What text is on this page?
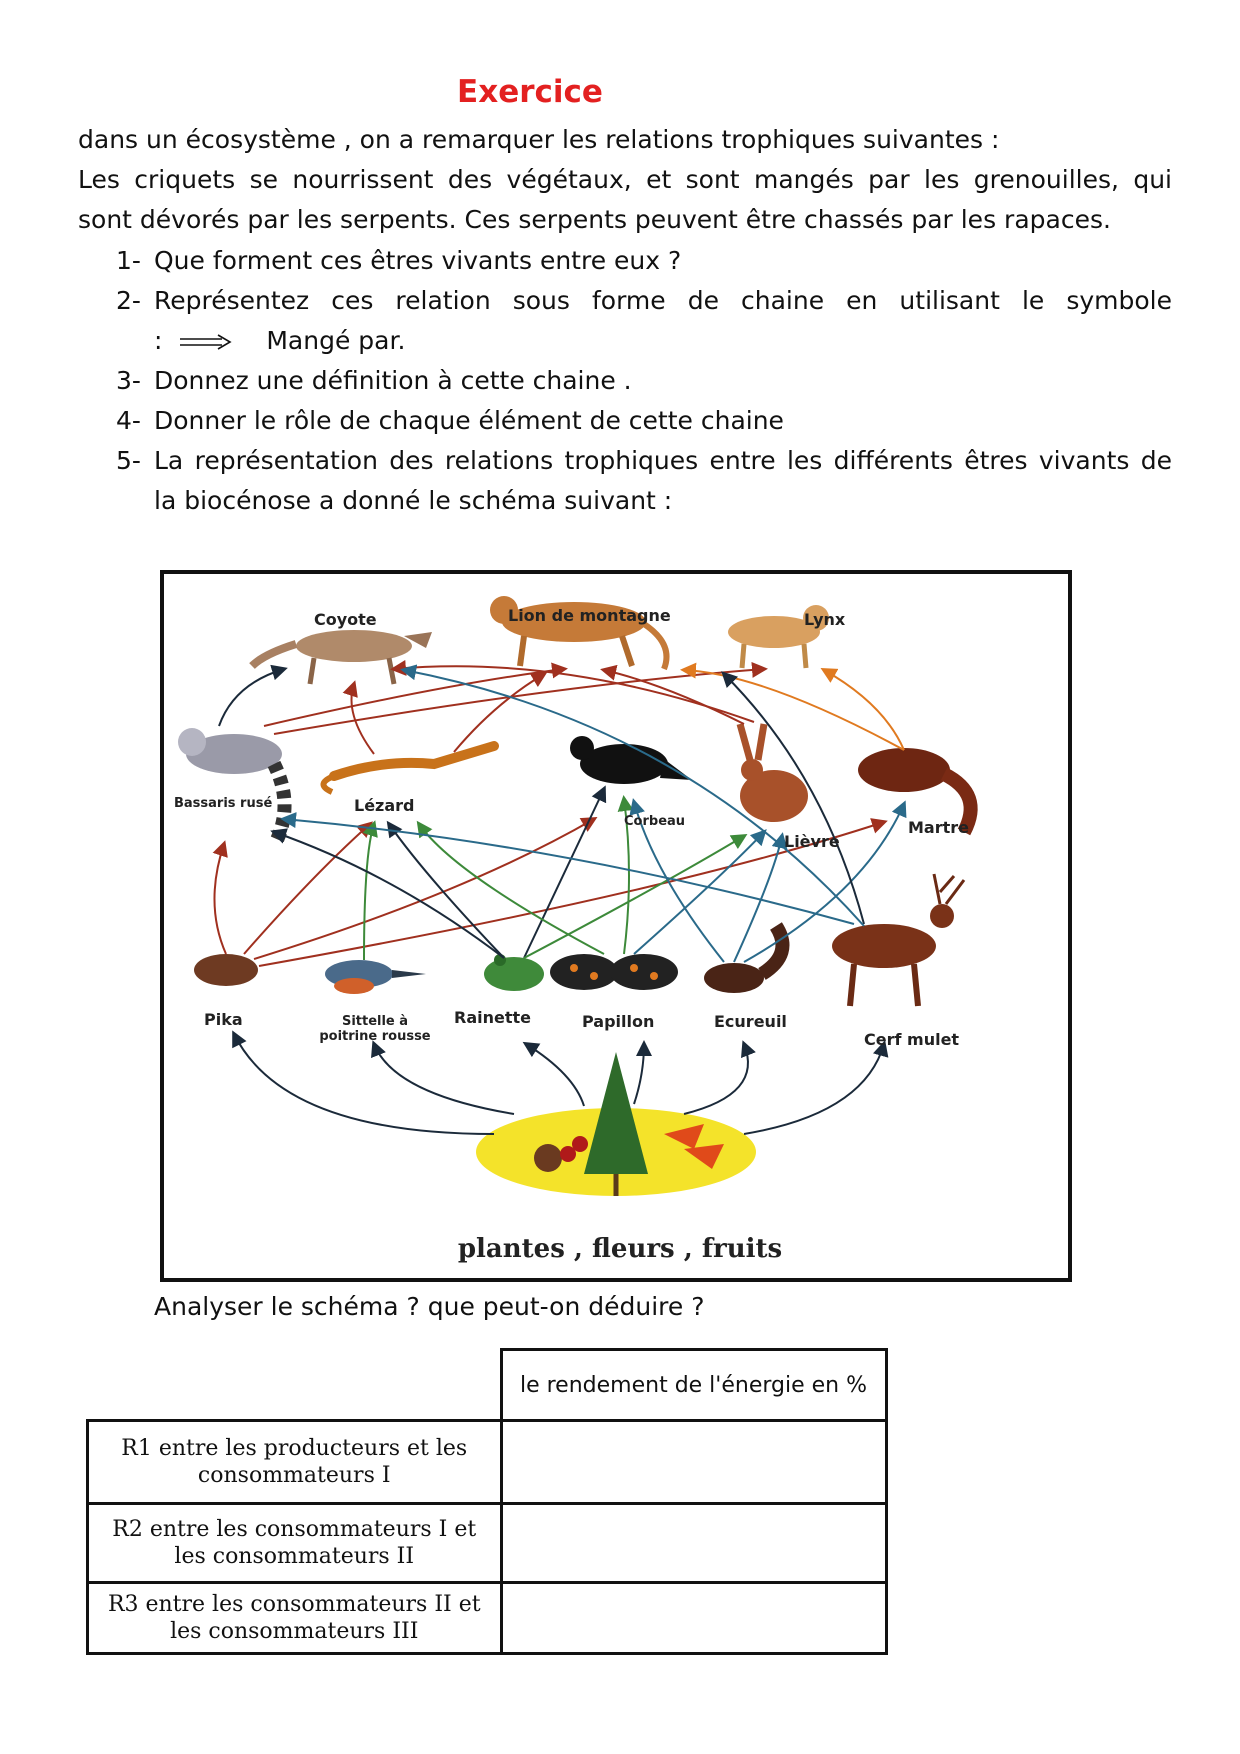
Exercice
dans un écosystème , on a remarquer les relations trophiques suivantes :
Les criquets se nourrissent des végétaux, et sont mangés par les grenouilles, qui
sont dévorés par les serpents. Ces serpents peuvent être chassés par les rapaces.
1- Que forment ces êtres vivants entre eux ?
2- Représentez ces relation sous forme de chaine en utilisant le symbole
:	Mangé par.
3- Donnez une définition à cette chaine .
4- Donner le rôle de chaque élément de cette chaine
5- La représentation des relations trophiques entre les différents êtres vivants de
la biocénose a donné le schéma suivant :
Coyote	Lion de montagne	Lynx
Bassaris rusé	Lézard
Corbeau
Lièvre
Martre
Pika	Sittelle à
poitrine rousse
Rainette	Papillon	Ecureuil
Cerf mulet
plantes , fleurs , fruits
Analyser le schéma ? que peut-on déduire ?
	le rendement de l'énergie en %
R1 entre les producteurs et les consommateurs I	
R2 entre les consommateurs I et les consommateurs II	
R3 entre les consommateurs II et les consommateurs III	
